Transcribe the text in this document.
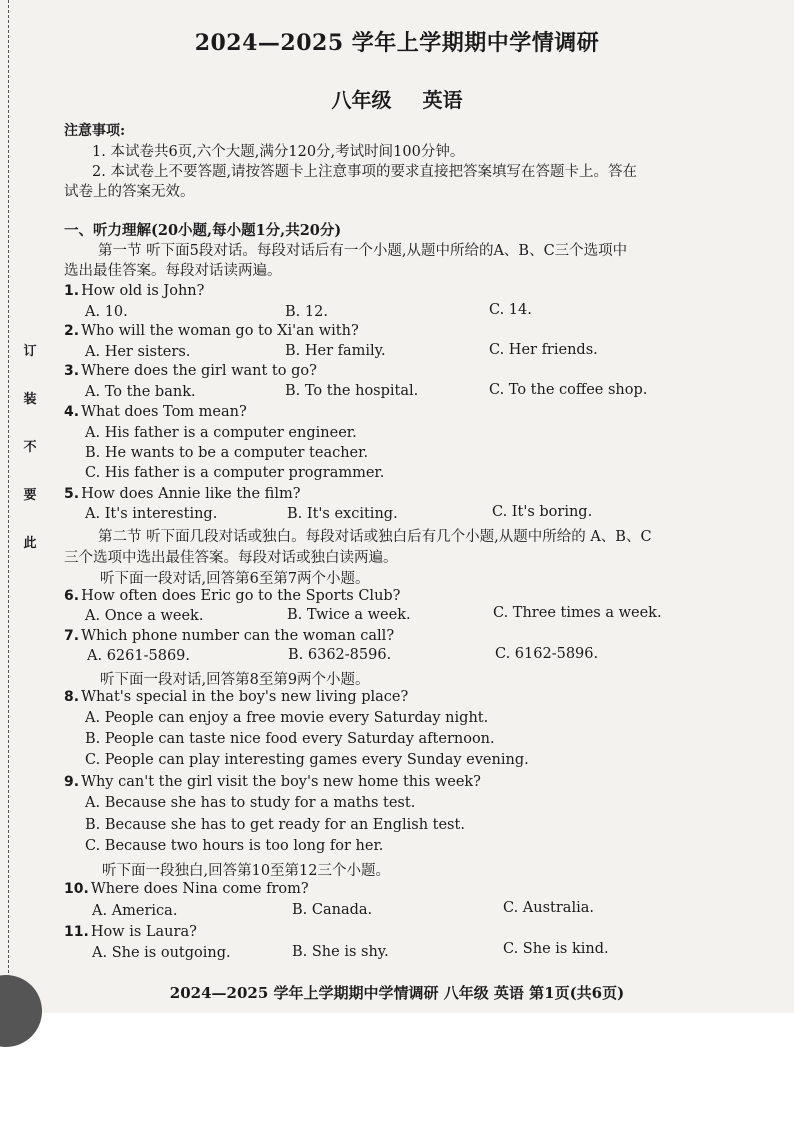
订
装
不
要
此
2024—2025 学年上学期期中学情调研
八年级 英语
注意事项:
1. 本试卷共6页,六个大题,满分120分,考试时间100分钟。
2. 本试卷上不要答题,请按答题卡上注意事项的要求直接把答案填写在答题卡上。答在
试卷上的答案无效。
一、听力理解(20小题,每小题1分,共20分)
第一节 听下面5段对话。每段对话后有一个小题,从题中所给的A、B、C三个选项中
选出最佳答案。每段对话读两遍。
1. How old is John?
A. 10.	B. 12.	C. 14.
2. Who will the woman go to Xi'an with?
A. Her sisters.	B. Her family.	C. Her friends.
3. Where does the girl want to go?
A. To the bank.	B. To the hospital.	C. To the coffee shop.
4. What does Tom mean?
A. His father is a computer engineer.
B. He wants to be a computer teacher.
C. His father is a computer programmer.
5. How does Annie like the film?
A. It's interesting.	B. It's exciting.	C. It's boring.
第二节 听下面几段对话或独白。每段对话或独白后有几个小题,从题中所给的 A、B、C
三个选项中选出最佳答案。每段对话或独白读两遍。
听下面一段对话,回答第6至第7两个小题。
6. How often does Eric go to the Sports Club?
A. Once a week.	B. Twice a week.	C. Three times a week.
7. Which phone number can the woman call?
A. 6261-5869.	B. 6362-8596.	C. 6162-5896.
听下面一段对话,回答第8至第9两个小题。
8. What's special in the boy's new living place?
A. People can enjoy a free movie every Saturday night.
B. People can taste nice food every Saturday afternoon.
C. People can play interesting games every Sunday evening.
9. Why can't the girl visit the boy's new home this week?
A. Because she has to study for a maths test.
B. Because she has to get ready for an English test.
C. Because two hours is too long for her.
听下面一段独白,回答第10至第12三个小题。
10. Where does Nina come from?
A. America.	B. Canada.	C. Australia.
11. How is Laura?
A. She is outgoing.	B. She is shy.	C. She is kind.
2024—2025 学年上学期期中学情调研 八年级 英语 第1页(共6页)
